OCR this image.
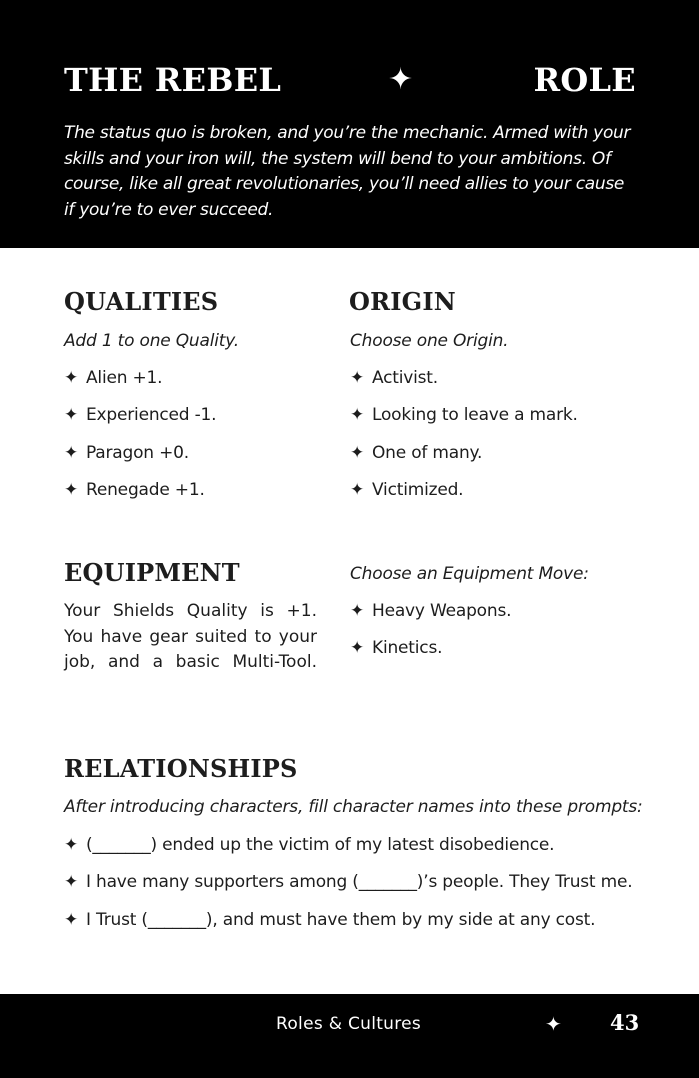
THE REBEL	✦	ROLE
The status quo is broken, and you’re the mechanic. Armed with your skills and your iron will, the system will bend to your ambitions. Of course, like all great revolutionaries, you’ll need allies to your cause if you’re to ever succeed.
QUALITIES
Add 1 to one Quality.
✦ Alien +1.
✦ Experienced -1.
✦ Paragon +0.
✦ Renegade +1.
ORIGIN
Choose one Origin.
✦ Activist.
✦ Looking to leave a mark.
✦ One of many.
✦ Victimized.
EQUIPMENT
Your Shields Quality is +1.
You have gear suited to your
job, and a basic Multi-Tool.
Choose an Equipment Move:
✦ Heavy Weapons.
✦ Kinetics.
RELATIONSHIPS
After introducing characters, fill character names into these prompts:
✦ (_______) ended up the victim of my latest disobedience.
✦ I have many supporters among (_______)’s people. They Trust me.
✦ I Trust (_______), and must have them by my side at any cost.
Roles & Cultures	✦ 43
